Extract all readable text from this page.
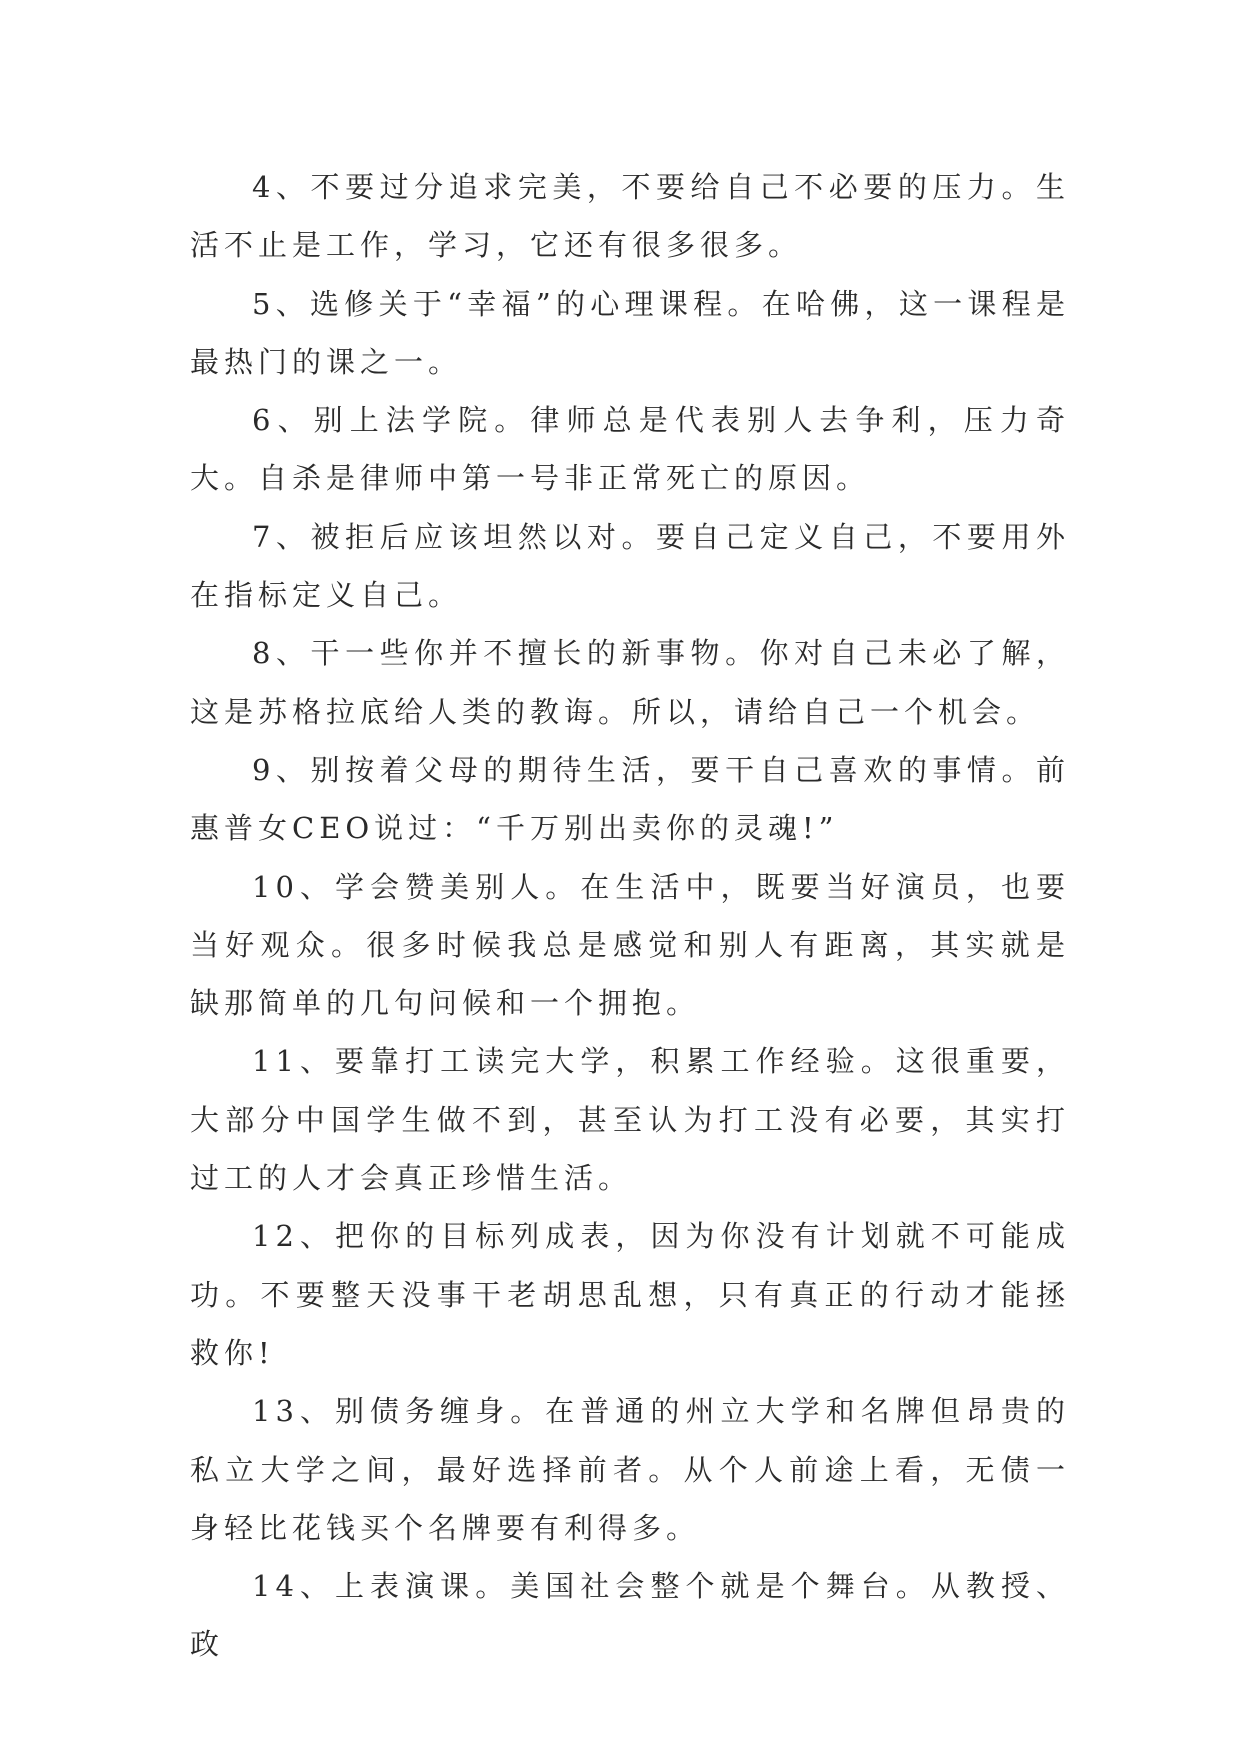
4、不要过分追求完美，不要给自己不必要的压力。生活不止是工作，学习，它还有很多很多。

5、选修关于“幸福”的心理课程。在哈佛，这一课程是最热门的课之一。

6、别上法学院。律师总是代表别人去争利，压力奇大。自杀是律师中第一号非正常死亡的原因。

7、被拒后应该坦然以对。要自己定义自己，不要用外在指标定义自己。

8、干一些你并不擅长的新事物。你对自己未必了解，这是苏格拉底给人类的教诲。所以，请给自己一个机会。

9、别按着父母的期待生活，要干自己喜欢的事情。前惠普女CEO说过：“千万别出卖你的灵魂!”

10、学会赞美别人。在生活中，既要当好演员，也要当好观众。很多时候我总是感觉和别人有距离，其实就是缺那简单的几句问候和一个拥抱。

11、要靠打工读完大学，积累工作经验。这很重要，大部分中国学生做不到，甚至认为打工没有必要，其实打过工的人才会真正珍惜生活。

12、把你的目标列成表，因为你没有计划就不可能成功。不要整天没事干老胡思乱想，只有真正的行动才能拯救你!

13、别债务缠身。在普通的州立大学和名牌但昂贵的私立大学之间，最好选择前者。从个人前途上看，无债一身轻比花钱买个名牌要有利得多。

14、上表演课。美国社会整个就是个舞台。从教授、政
